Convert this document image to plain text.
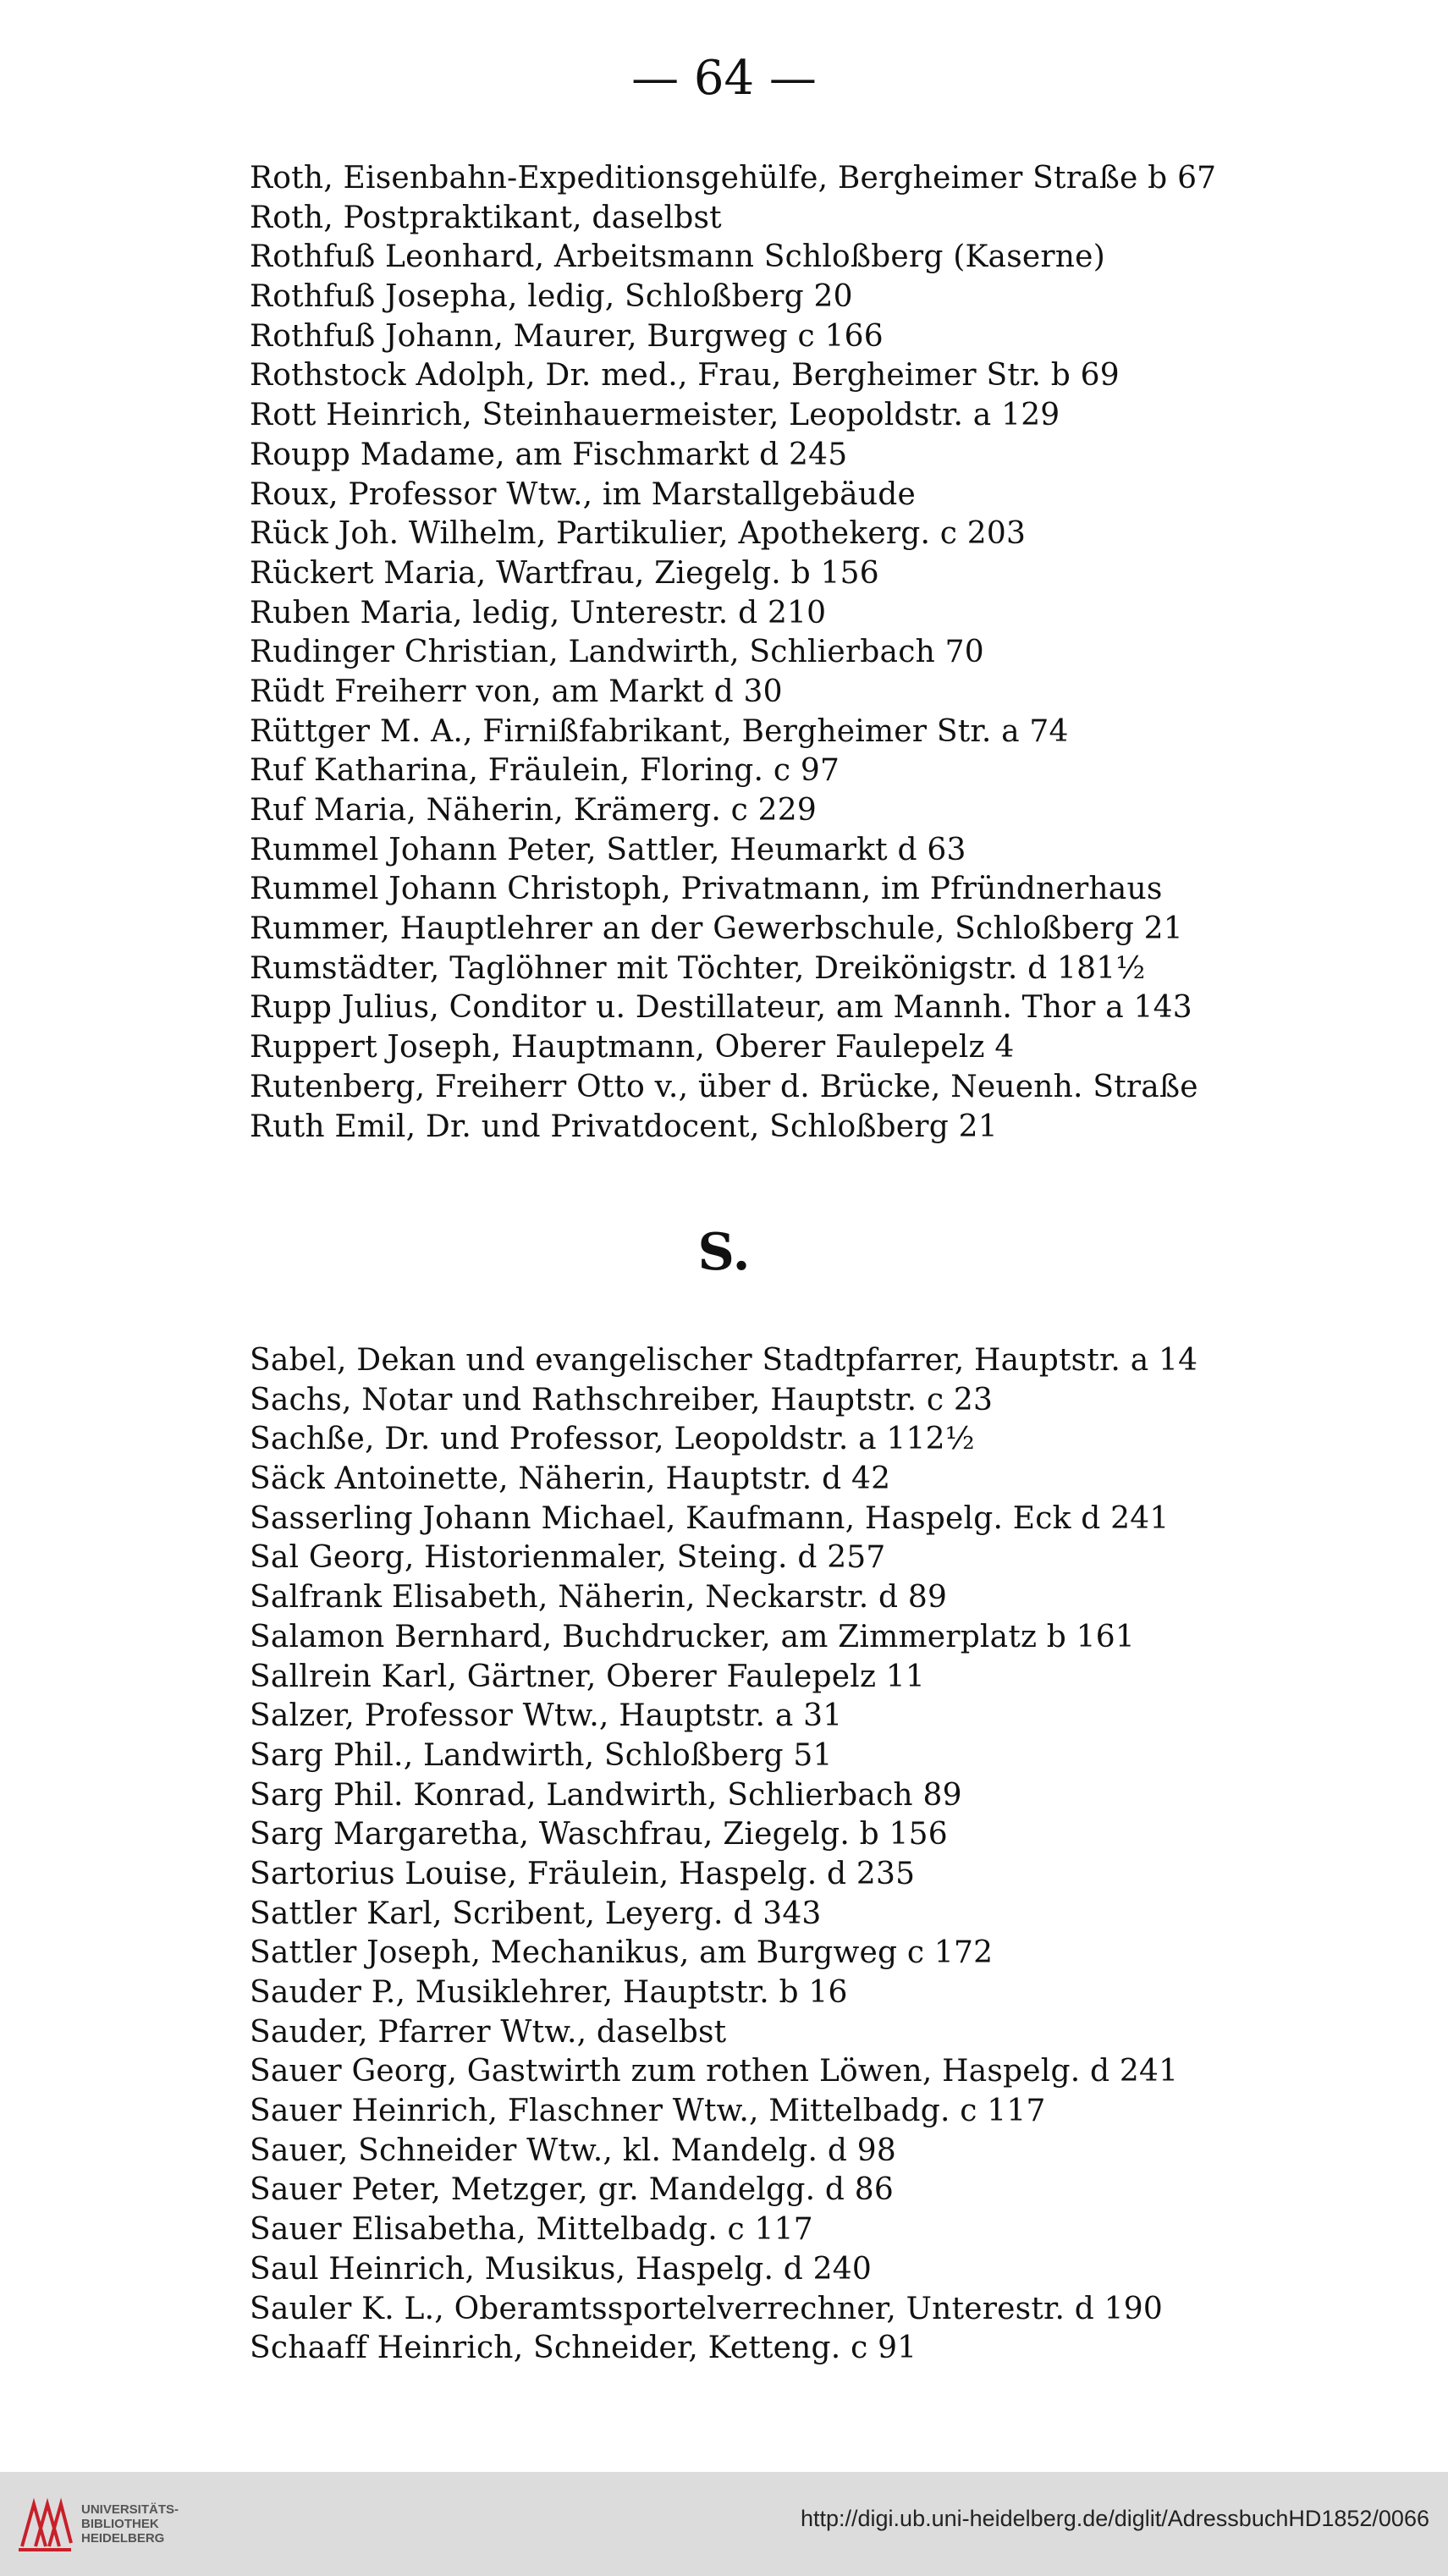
— 64 —
Roth, Eisenbahn-Expeditionsgehülfe, Bergheimer Straße b 67
Roth, Postpraktikant, daselbst
Rothfuß Leonhard, Arbeitsmann Schloßberg (Kaserne)
Rothfuß Josepha, ledig, Schloßberg 20
Rothfuß Johann, Maurer, Burgweg c 166
Rothstock Adolph, Dr. med., Frau, Bergheimer Str. b 69
Rott Heinrich, Steinhauermeister, Leopoldstr. a 129
Roupp Madame, am Fischmarkt d 245
Roux, Professor Wtw., im Marstallgebäude
Rück Joh. Wilhelm, Partikulier, Apothekerg. c 203
Rückert Maria, Wartfrau, Ziegelg. b 156
Ruben Maria, ledig, Unterestr. d 210
Rudinger Christian, Landwirth, Schlierbach 70
Rüdt Freiherr von, am Markt d 30
Rüttger M. A., Firnißfabrikant, Bergheimer Str. a 74
Ruf Katharina, Fräulein, Floring. c 97
Ruf Maria, Näherin, Krämerg. c 229
Rummel Johann Peter, Sattler, Heumarkt d 63
Rummel Johann Christoph, Privatmann, im Pfründnerhaus
Rummer, Hauptlehrer an der Gewerbschule, Schloßberg 21
Rumstädter, Taglöhner mit Töchter, Dreikönigstr. d 181½
Rupp Julius, Conditor u. Destillateur, am Mannh. Thor a 143
Ruppert Joseph, Hauptmann, Oberer Faulepelz 4
Rutenberg, Freiherr Otto v., über d. Brücke, Neuenh. Straße
Ruth Emil, Dr. und Privatdocent, Schloßberg 21
S.
Sabel, Dekan und evangelischer Stadtpfarrer, Hauptstr. a 14
Sachs, Notar und Rathschreiber, Hauptstr. c 23
Sachße, Dr. und Professor, Leopoldstr. a 112½
Säck Antoinette, Näherin, Hauptstr. d 42
Sasserling Johann Michael, Kaufmann, Haspelg. Eck d 241
Sal Georg, Historienmaler, Steing. d 257
Salfrank Elisabeth, Näherin, Neckarstr. d 89
Salamon Bernhard, Buchdrucker, am Zimmerplatz b 161
Sallrein Karl, Gärtner, Oberer Faulepelz 11
Salzer, Professor Wtw., Hauptstr. a 31
Sarg Phil., Landwirth, Schloßberg 51
Sarg Phil. Konrad, Landwirth, Schlierbach 89
Sarg Margaretha, Waschfrau, Ziegelg. b 156
Sartorius Louise, Fräulein, Haspelg. d 235
Sattler Karl, Scribent, Leyerg. d 343
Sattler Joseph, Mechanikus, am Burgweg c 172
Sauder P., Musiklehrer, Hauptstr. b 16
Sauder, Pfarrer Wtw., daselbst
Sauer Georg, Gastwirth zum rothen Löwen, Haspelg. d 241
Sauer Heinrich, Flaschner Wtw., Mittelbadg. c 117
Sauer, Schneider Wtw., kl. Mandelg. d 98
Sauer Peter, Metzger, gr. Mandelgg. d 86
Sauer Elisabetha, Mittelbadg. c 117
Saul Heinrich, Musikus, Haspelg. d 240
Sauler K. L., Oberamtssportelverrechner, Unterestr. d 190
Schaaff Heinrich, Schneider, Ketteng. c 91
UNIVERSITÄTS-
BIBLIOTHEK
HEIDELBERG
http://digi.ub.uni-heidelberg.de/diglit/AdressbuchHD1852/0066
